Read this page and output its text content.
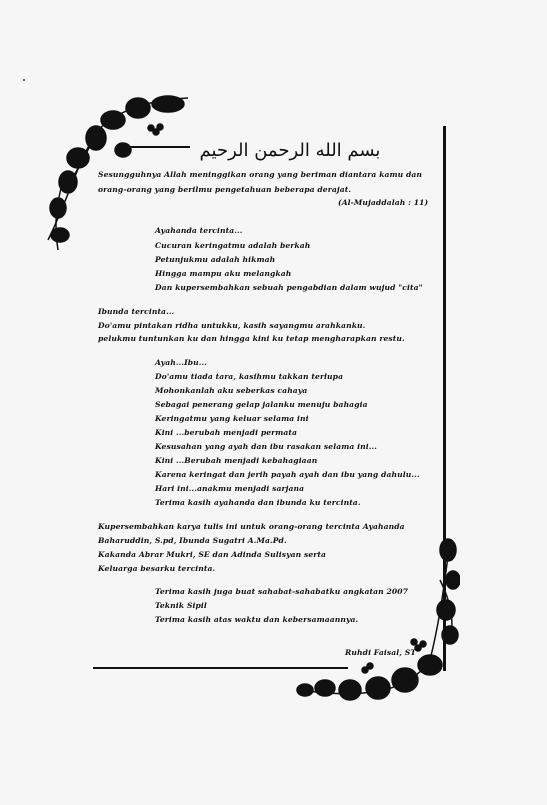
بسم الله الرحمن الرحيم
Sesungguhnya Allah meninggikan orang yang beriman diantara kamu dan
orang-orang yang berilmu pengetahuan beberapa derajat.
(Al-Mujaddalah : 11)
Ayahanda tercinta...
Cucuran keringatmu adalah berkah
Petunjukmu adalah hikmah
Hingga mampu aku melangkah
Dan kupersembahkan sebuah pengabdian dalam wujud "cita"
Ibunda tercinta...
Do'amu pintakan ridha untukku, kasih sayangmu arahkanku.
pelukmu tuntunkan ku dan hingga kini ku tetap mengharapkan restu.
Ayah...Ibu...
Do'amu tiada tara, kasihmu takkan terlupa
Mohonkanlah aku seberkas cahaya
Sebagai penerang gelap jalanku menuju bahagia
Keringatmu yang keluar selama ini
Kini ...berubah menjadi permata
Kesusahan yang ayah dan ibu rasakan selama ini...
Kini ...Berubah menjadi kebahagiaan
Karena keringat dan jerih payah ayah dan ibu yang dahulu...
Hari ini...anakmu menjadi sarjana
Terima kasih ayahanda dan ibunda ku tercinta.
Kupersembahkan karya tulis ini untuk orang-orang tercinta Ayahanda
Baharuddin, S.pd, Ibunda Sugatri A.Ma.Pd.
Kakanda Abrar Mukri, SE dan Adinda Sulisyan serta
Keluarga besarku tercinta.
Terima kasih juga buat sahabat-sahabatku angkatan 2007
Teknik Sipil
Terima kasih atas waktu dan kebersamaannya.
Ruhdi Faisal, ST
